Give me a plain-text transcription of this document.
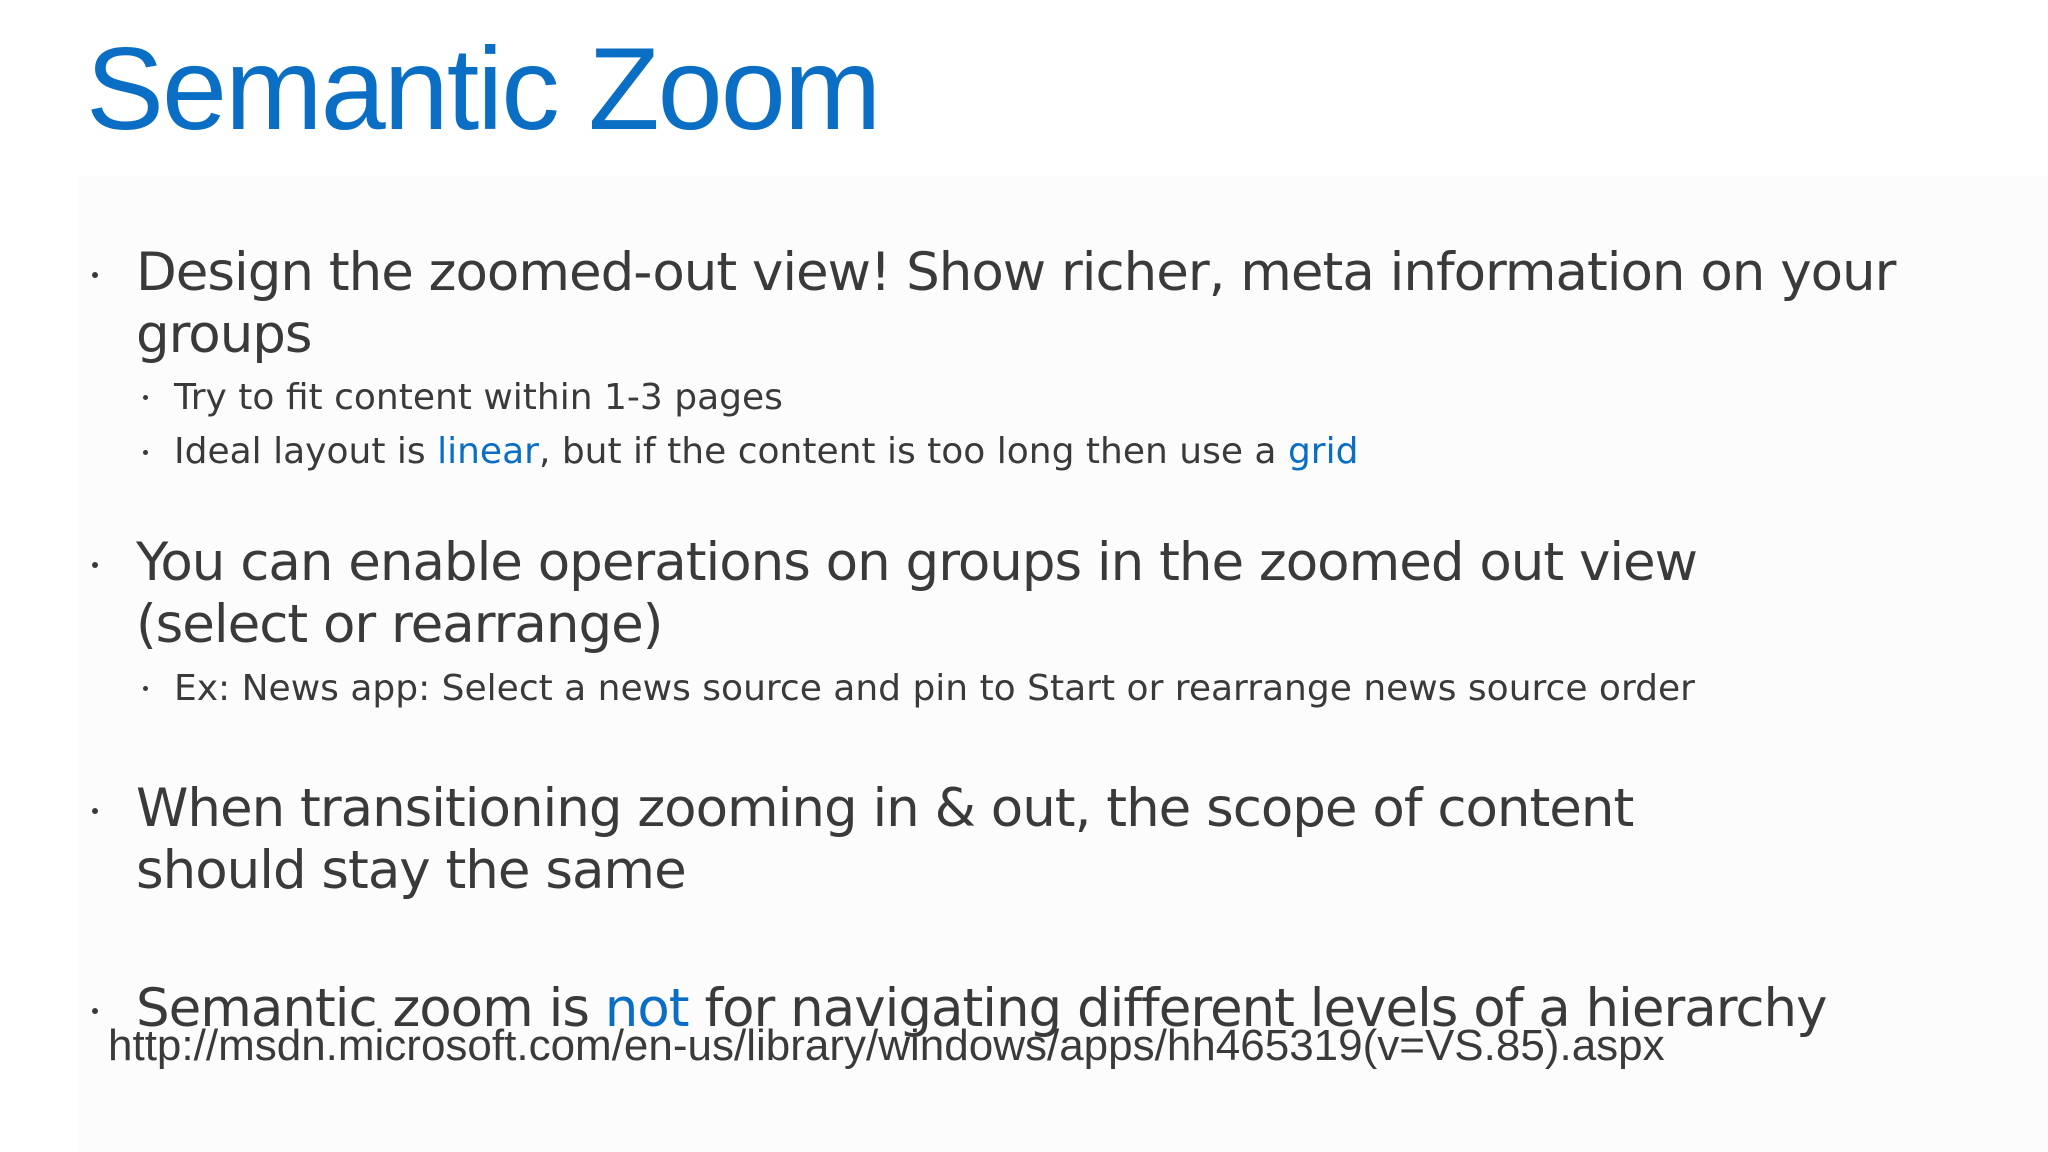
Semantic Zoom
Design the zoomed-out view! Show richer, meta information on your
groups
Try to fit content within 1-3 pages
Ideal layout is linear, but if the content is too long then use a grid
You can enable operations on groups in the zoomed out view
(select or rearrange)
Ex: News app: Select a news source and pin to Start or rearrange news source order
When transitioning zooming in & out, the scope of content
should stay the same
Semantic zoom is not for navigating different levels of a hierarchy
http://msdn.microsoft.com/en-us/library/windows/apps/hh465319(v=VS.85).aspx
